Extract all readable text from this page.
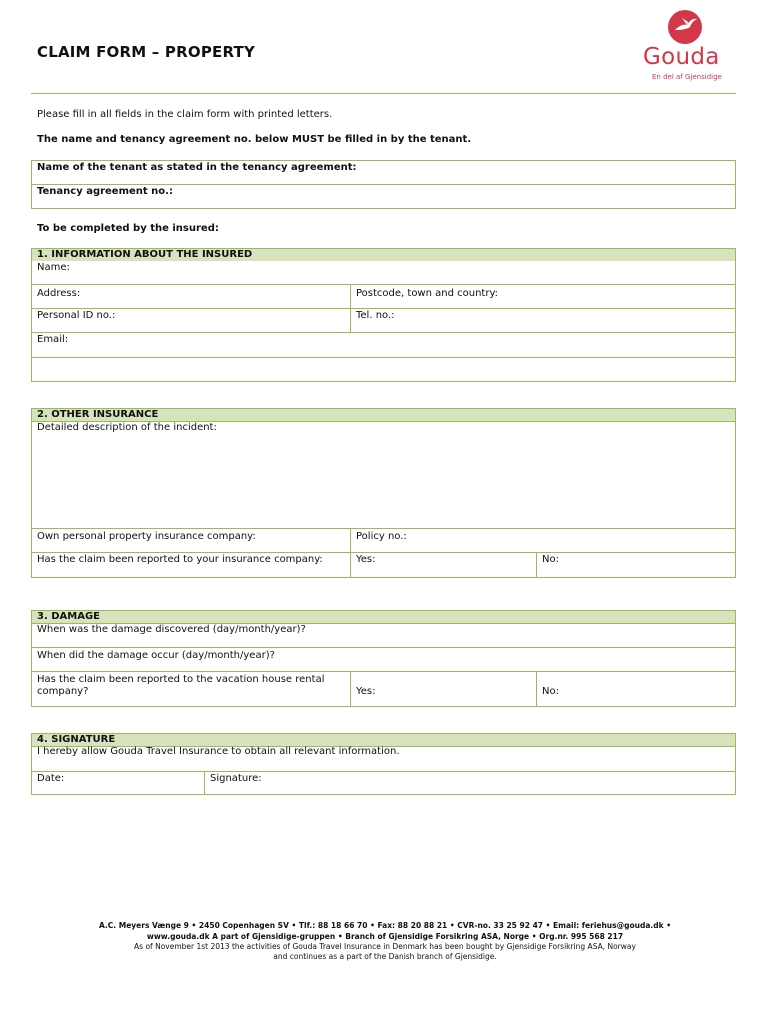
CLAIM FORM – PROPERTY	Gouda
En del af Gjensidige
Please fill in all fields in the claim form with printed letters.
The name and tenancy agreement no. below MUST be filled in by the tenant.
Name of the tenant as stated in the tenancy agreement:
Tenancy agreement no.:
To be completed by the insured:
1. INFORMATION ABOUT THE INSURED
Name:
Address:	Postcode, town and country:
Personal ID no.:	Tel. no.:
Email:
2. OTHER INSURANCE
Detailed description of the incident:
Own personal property insurance company:	Policy no.:
Has the claim been reported to your insurance company:	Yes:	No:
3. DAMAGE
When was the damage discovered (day/month/year)?
When did the damage occur (day/month/year)?
Has the claim been reported to the vacation house rental
company?	Yes:	No:
4. SIGNATURE
I hereby allow Gouda Travel Insurance to obtain all relevant information.
Date:	Signature:
A.C. Meyers Vænge 9 • 2450 Copenhagen SV • Tlf.: 88 18 66 70 • Fax: 88 20 88 21 • CVR-no. 33 25 92 47 • Email: feriehus@gouda.dk •
www.gouda.dk A part of Gjensidige-gruppen • Branch of Gjensidige Forsikring ASA, Norge • Org.nr. 995 568 217
As of November 1st 2013 the activities of Gouda Travel Insurance in Denmark has been bought by Gjensidige Forsikring ASA, Norway
and continues as a part of the Danish branch of Gjensidige.
